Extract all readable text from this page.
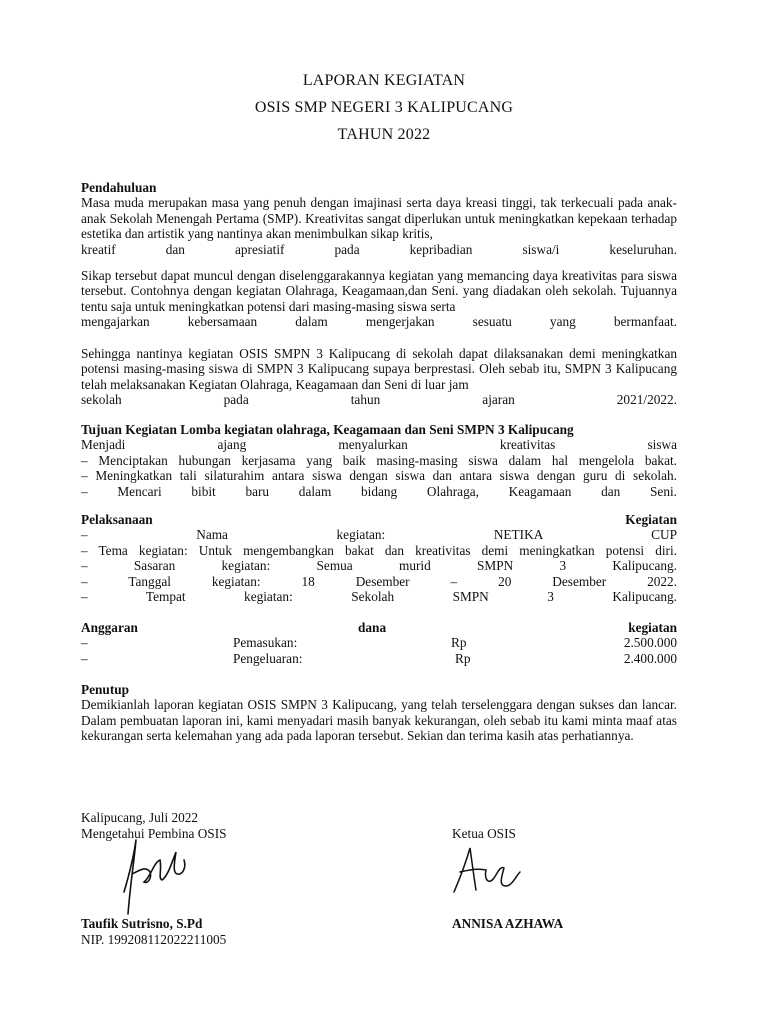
LAPORAN KEGIATAN
OSIS SMP NEGERI 3 KALIPUCANG
TAHUN 2022
Pendahuluan
Masa muda merupakan masa yang penuh dengan imajinasi serta daya kreasi tinggi, tak terkecuali pada anak-anak Sekolah Menengah Pertama (SMP). Kreativitas sangat diperlukan untuk meningkatkan kepekaan terhadap estetika dan artistik yang nantinya akan menimbulkan sikap kritis,
kreatif dan apresiatif pada kepribadian siswa/i keseluruhan.
Sikap tersebut dapat muncul dengan diselenggarakannya kegiatan yang memancing daya kreativitas para siswa tersebut. Contohnya dengan kegiatan Olahraga, Keagamaan,dan Seni. yang diadakan oleh sekolah. Tujuannya tentu saja untuk meningkatkan potensi dari masing-masing siswa serta
mengajarkan kebersamaan dalam mengerjakan sesuatu yang bermanfaat.
Sehingga nantinya kegiatan OSIS SMPN 3 Kalipucang di sekolah dapat dilaksanakan demi meningkatkan potensi masing-masing siswa di SMPN 3 Kalipucang supaya berprestasi. Oleh sebab itu, SMPN 3 Kalipucang telah melaksanakan Kegiatan Olahraga, Keagamaan dan Seni di luar jam
sekolah pada tahun ajaran 2021/2022.
Tujuan Kegiatan Lomba kegiatan olahraga, Keagamaan dan Seni SMPN 3 Kalipucang
Menjadi ajang menyalurkan kreativitas siswa
– Menciptakan hubungan kerjasama yang baik masing-masing siswa dalam hal mengelola bakat.
– Meningkatkan tali silaturahim antara siswa dengan siswa dan antara siswa dengan guru di sekolah.
– Mencari bibit baru dalam bidang Olahraga, Keagamaan dan Seni.
Pelaksanaan	Kegiatan
– Nama kegiatan: NETIKA CUP
– Tema kegiatan: Untuk mengembangkan bakat dan kreativitas demi meningkatkan potensi diri.
– Sasaran kegiatan: Semua murid SMPN 3 Kalipucang.
– Tanggal kegiatan: 18 Desember – 20 Desember 2022.
– Tempat kegiatan: Sekolah SMPN 3 Kalipucang.
Anggaran	dana	kegiatan
–	Pemasukan:	Rp	2.500.000
–	Pengeluaran:	Rp	2.400.000
Penutup
Demikianlah laporan kegiatan OSIS SMPN 3 Kalipucang, yang telah terselenggara dengan sukses dan lancar. Dalam pembuatan laporan ini, kami menyadari masih banyak kekurangan, oleh sebab itu kami minta maaf atas kekurangan serta kelemahan yang ada pada laporan tersebut. Sekian dan terima kasih atas perhatiannya.
Kalipucang, Juli 2022
Mengetahui Pembina OSIS	Ketua OSIS
Taufik Sutrisno, S.Pd	ANNISA AZHAWA
NIP. 199208112022211005
